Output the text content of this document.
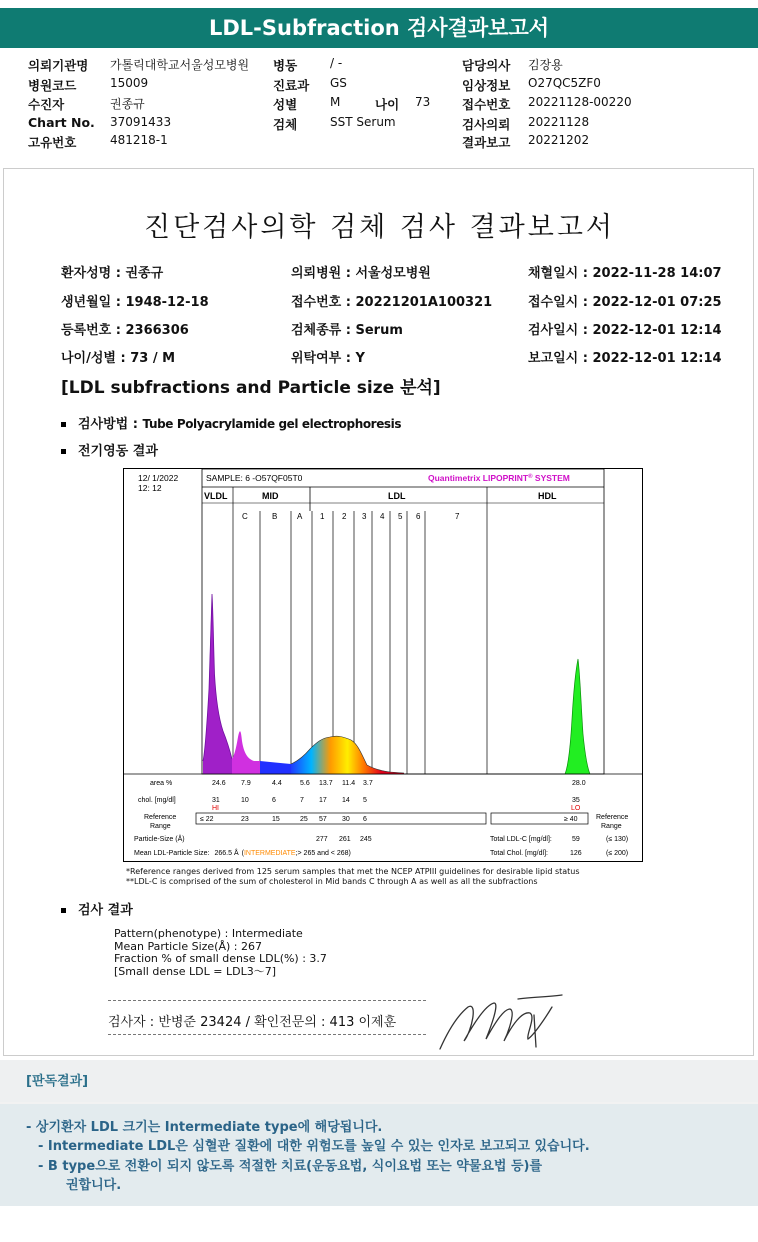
LDL-Subfraction 검사결과보고서
의뢰기관명 가톨릭대학교서울성모병원
병원코드	15009
수진자	권종규
Chart No. 37091433
고유번호	481218-1
병동	/ -
진료과 GS
성별	M	나이 73
검체	SST Serum
담당의사 김장용
임상정보 O27QC5ZF0
접수번호 20221128-00220
검사의뢰 20221128
결과보고 20221202
진단검사의학 검체 검사 결과보고서
환자성명 : 권종규	의뢰병원 : 서울성모병원	채혈일시 : 2022-11-28 14:07
생년월일 : 1948-12-18	접수번호 : 20221201A100321	접수일시 : 2022-12-01 07:25
등록번호 : 2366306	검체종류 : Serum	검사일시 : 2022-12-01 12:14
나이/성별 : 73 / M	위탁여부 : Y	보고일시 : 2022-12-01 12:14
[LDL subfractions and Particle size 분석]
검사방법 : Tube Polyacrylamide gel electrophoresis
전기영동 결과
12/ 1/2022
12: 12
SAMPLE: 6 -O57QF05T0	Quantimetrix LIPOPRINT® SYSTEM
VLDL	MID	LDL	HDL
C	B A 1 2 3 4 5 6	7
area %	24.6 7.9	4.4	5.6 13.7 11.4 3.7	28.0
chol. [mg/dl]	31	10	6	7 17 14 5	35
HI	LO
Reference
Range
≤ 22	23	15	25 57 30 6	≥ 40	Reference
Range
Particle-Size (Å)	277 261 245	Total LDL-C [mg/dl]:	59	(≤ 130)
Mean LDL-Particle Size: 266.5 Å (INTERMEDIATE;> 265 and < 268)	Total Chol. [mg/dl]:	126	(≤ 200)
*Reference ranges derived from 125 serum samples that met the NCEP ATPIII guidelines for desirable lipid status
**LDL-C is comprised of the sum of cholesterol in Mid bands C through A as well as all the subfractions
검사 결과
Pattern(phenotype) : Intermediate
Mean Particle Size(Å) : 267
Fraction % of small dense LDL(%) : 3.7
[Small dense LDL = LDL3～7]
검사자 : 반병준 23424 / 확인전문의 : 413 이제훈
[판독결과]
- 상기환자 LDL 크기는 Intermediate type에 해당됩니다.
- Intermediate LDL은 심혈관 질환에 대한 위험도를 높일 수 있는 인자로 보고되고 있습니다.
- B type으로 전환이 되지 않도록 적절한 치료(운동요법, 식이요법 또는 약물요법 등)를
권합니다.
